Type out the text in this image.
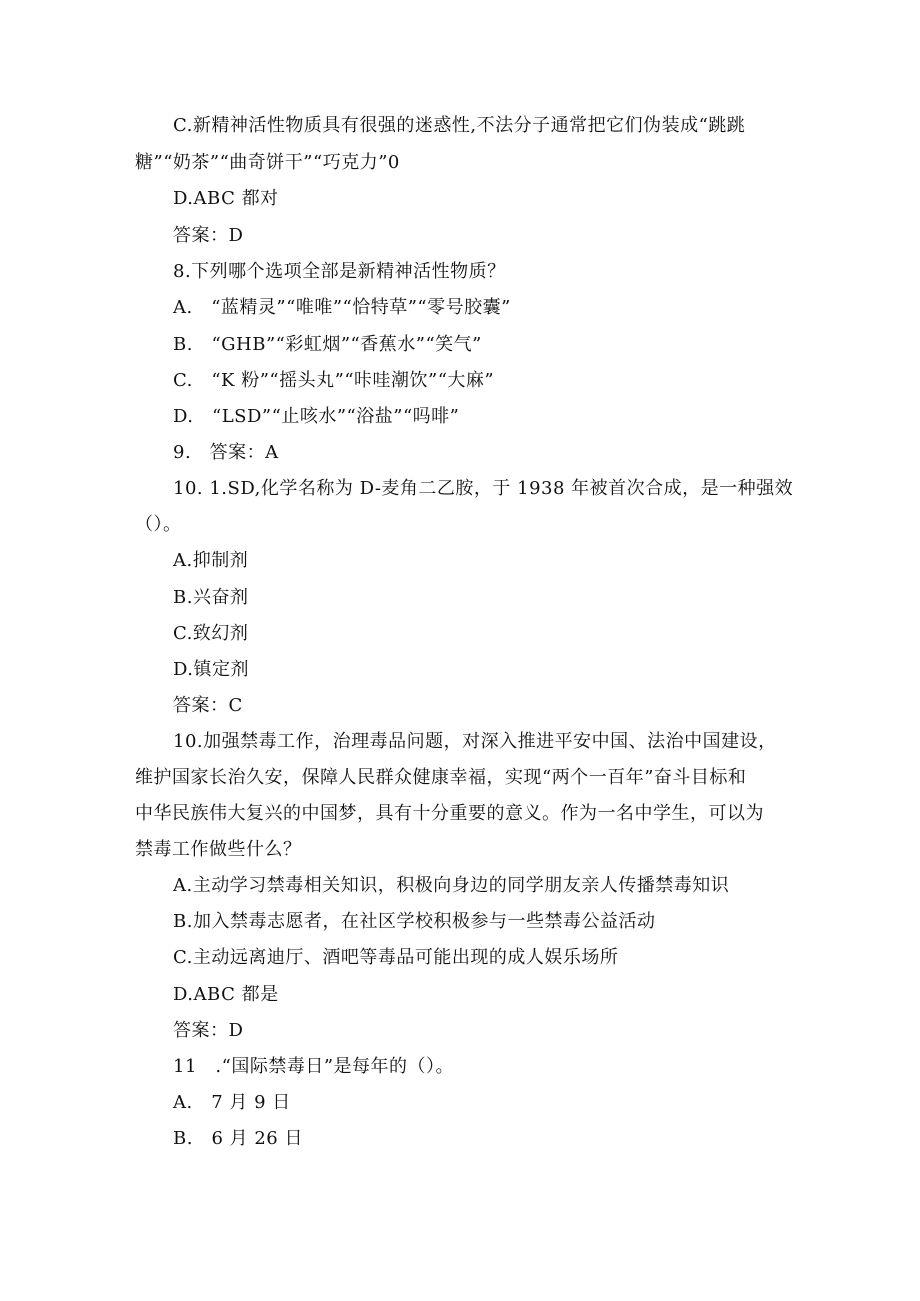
C.新精神活性物质具有很强的迷惑性,不法分子通常把它们伪装成“跳跳
糖”“奶茶”“曲奇饼干”“巧克力”0
D.ABC 都对
答案：D
8.下列哪个选项全部是新精神活性物质？
A.　“蓝精灵”“唯唯”“恰特草”“零号胶囊”
B.　“GHB”“彩虹烟”“香蕉水”“笑气”
C.　“K 粉”“摇头丸”“咔哇潮饮”“大麻”
D.　“LSD”“止咳水”“浴盐”“吗啡”
9.　答案：A
10. 1.SD,化学名称为 D-麦角二乙胺，于 1938 年被首次合成，是一种强效
（）。
A.抑制剂
B.兴奋剂
C.致幻剂
D.镇定剂
答案：C
10.加强禁毒工作，治理毒品问题，对深入推进平安中国、法治中国建设，
维护国家长治久安，保障人民群众健康幸福，实现“两个一百年”奋斗目标和
中华民族伟大复兴的中国梦，具有十分重要的意义。作为一名中学生，可以为
禁毒工作做些什么？
A.主动学习禁毒相关知识，积极向身边的同学朋友亲人传播禁毒知识
B.加入禁毒志愿者，在社区学校积极参与一些禁毒公益活动
C.主动远离迪厅、酒吧等毒品可能出现的成人娱乐场所
D.ABC 都是
答案：D
11　.“国际禁毒日”是每年的（）。
A.　7 月 9 日
B.　6 月 26 日
